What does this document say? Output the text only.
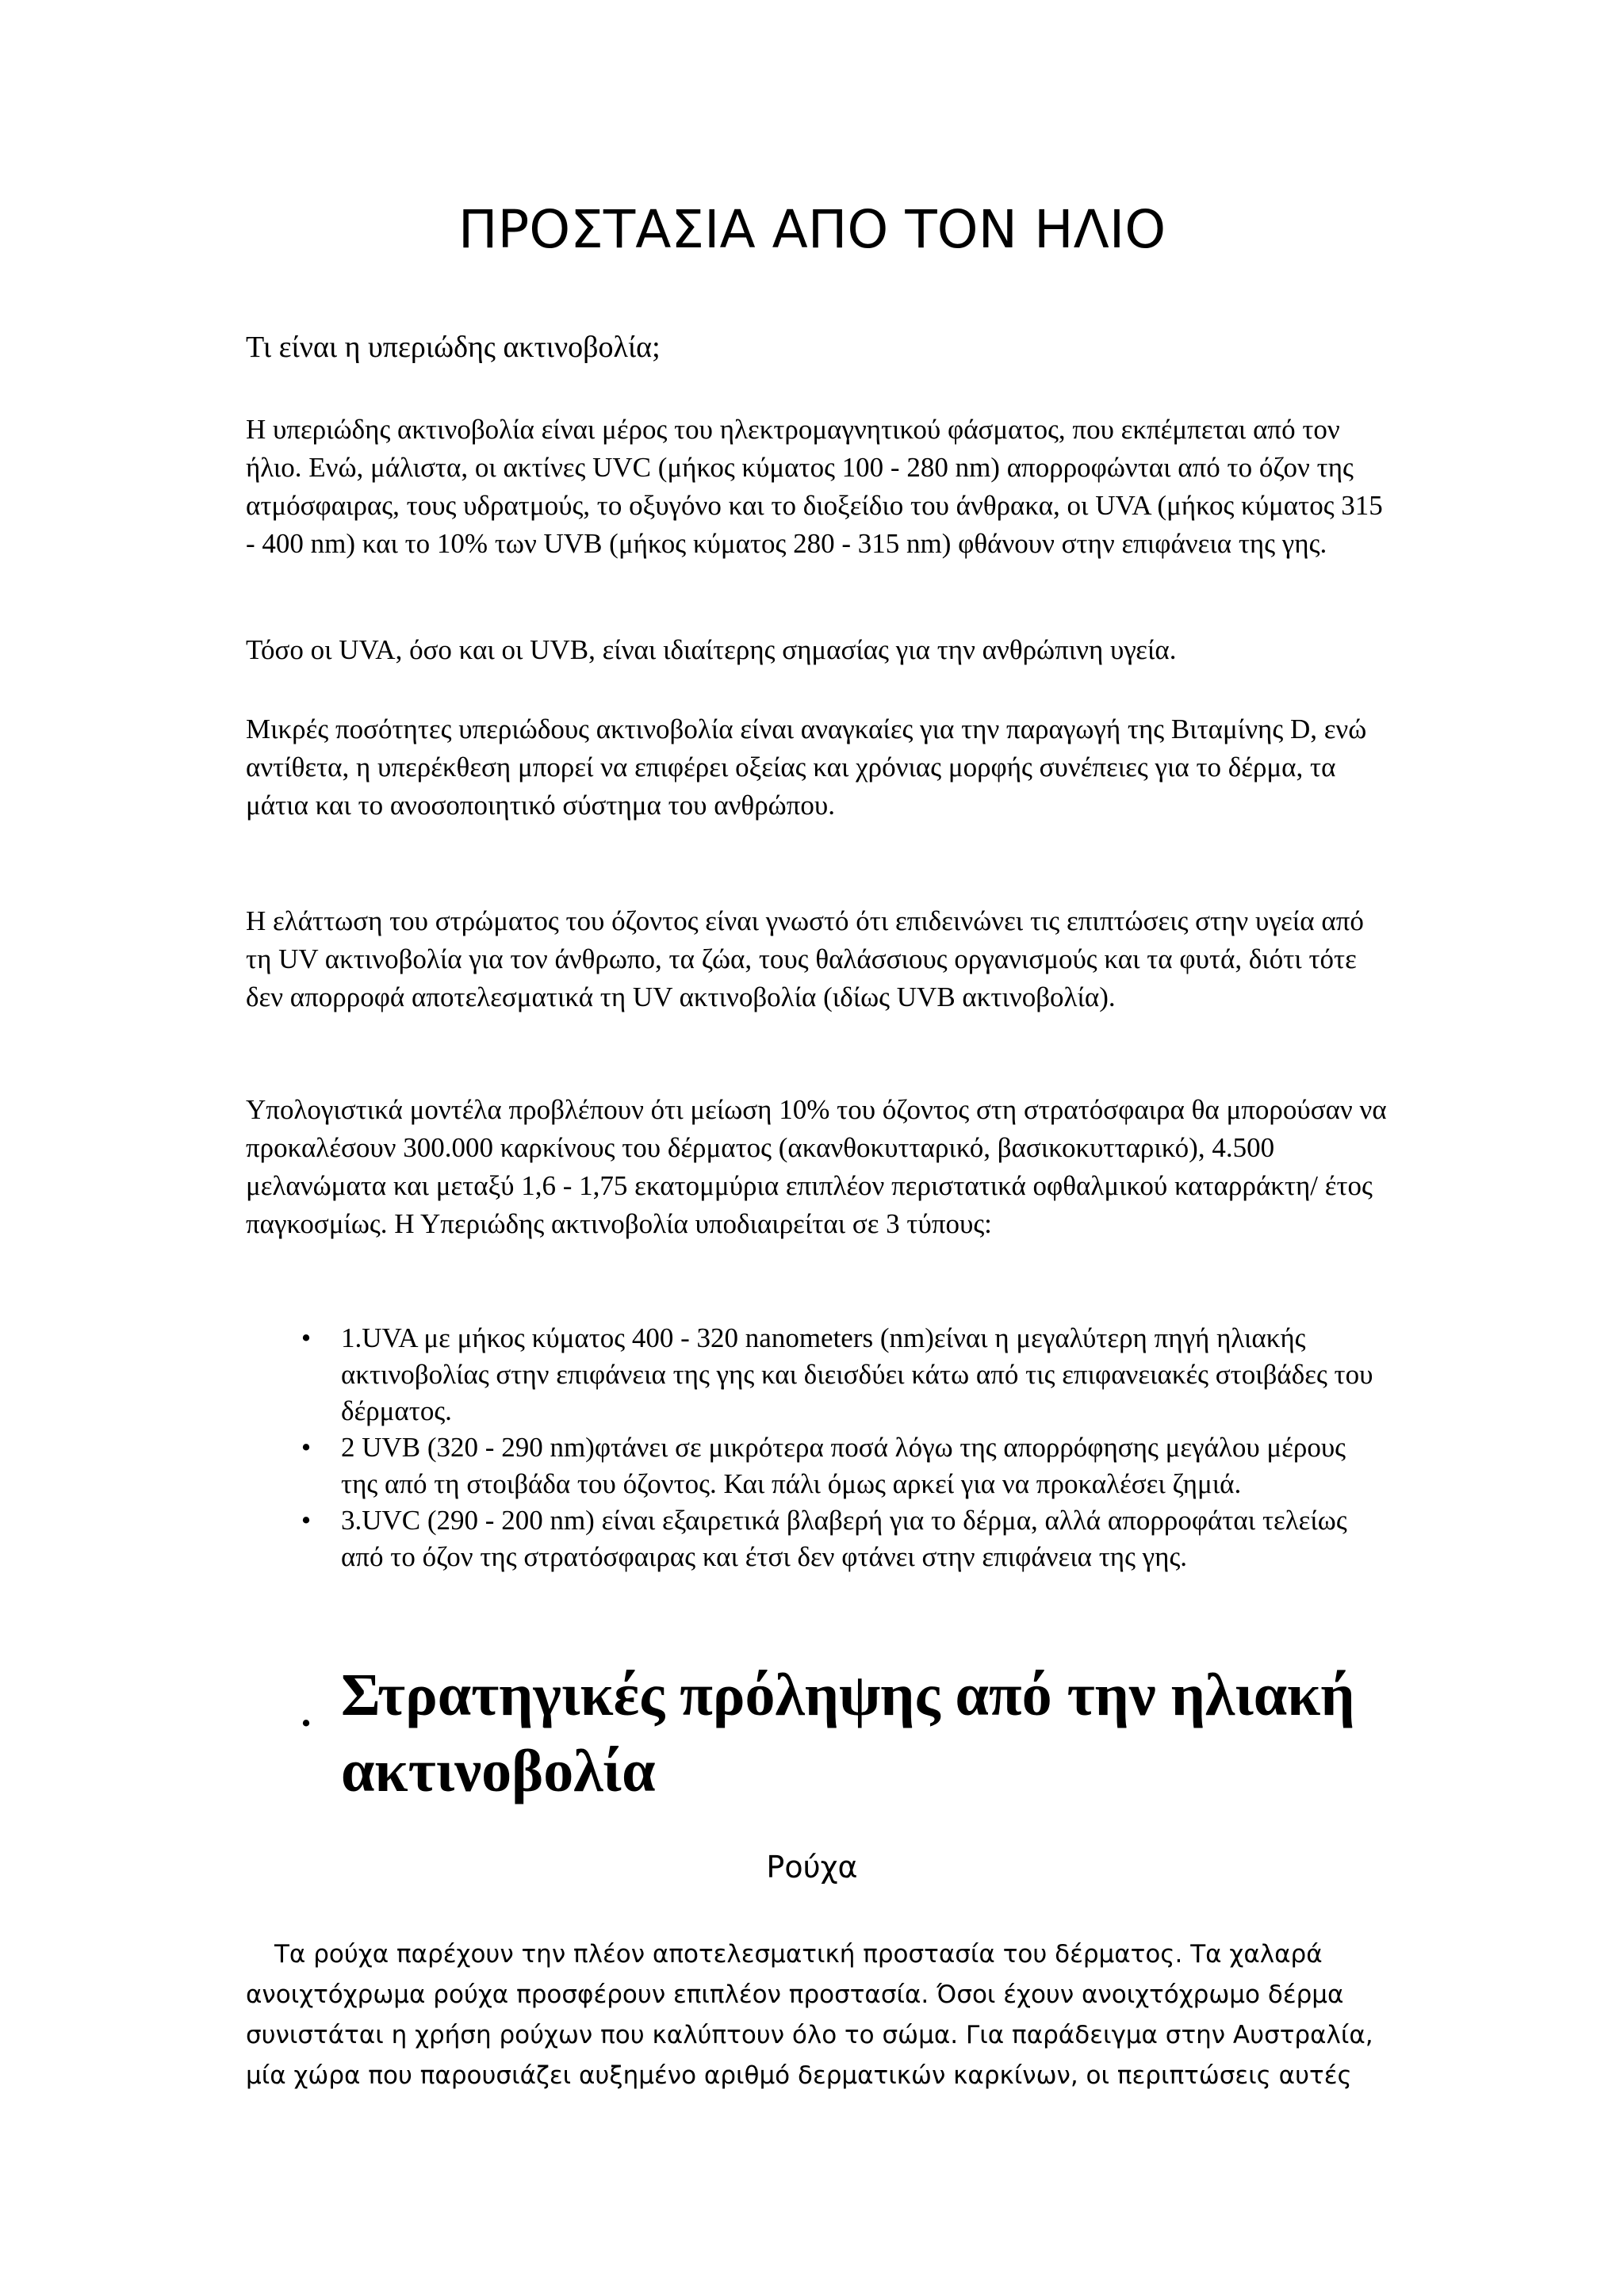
ΠΡΟΣΤΑΣΙΑ ΑΠΟ ΤΟΝ ΗΛΙΟ

Τι είναι η υπεριώδης ακτινοβολία;

Η υπεριώδης ακτινοβολία είναι μέρος του ηλεκτρομαγνητικού φάσματος, που εκπέμπεται από τον ήλιο. Ενώ, μάλιστα, οι ακτίνες UVC (μήκος κύματος 100 - 280 nm) απορροφώνται από το όζον της ατμόσφαιρας, τους υδρατμούς, το οξυγόνο και το διοξείδιο του άνθρακα, οι UVA (μήκος κύματος 315 - 400 nm) και το 10% των UVB (μήκος κύματος 280 - 315 nm) φθάνουν στην επιφάνεια της γης.

Τόσο οι UVA, όσο και οι UVB, είναι ιδιαίτερης σημασίας για την ανθρώπινη υγεία.

Μικρές ποσότητες υπεριώδους ακτινοβολία είναι αναγκαίες για την παραγωγή της Βιταμίνης D, ενώ αντίθετα, η υπερέκθεση μπορεί να επιφέρει οξείας και χρόνιας μορφής συνέπειες για το δέρμα, τα μάτια και το ανοσοποιητικό σύστημα του ανθρώπου.

Η ελάττωση του στρώματος του όζοντος είναι γνωστό ότι επιδεινώνει τις επιπτώσεις στην υγεία από τη UV ακτινοβολία για τον άνθρωπο, τα ζώα, τους θαλάσσιους οργανισμούς και τα φυτά, διότι τότε δεν απορροφά αποτελεσματικά τη UV ακτινοβολία (ιδίως UVB ακτινοβολία).

Υπολογιστικά μοντέλα προβλέπουν ότι μείωση 10% του όζοντος στη στρατόσφαιρα θα μπορούσαν να προκαλέσουν 300.000 καρκίνους του δέρματος (ακανθοκυτταρικό, βασικοκυτταρικό), 4.500 μελανώματα και μεταξύ 1,6 - 1,75 εκατομμύρια επιπλέον περιστατικά οφθαλμικού καταρράκτη/ έτος παγκοσμίως. Η Υπεριώδης ακτινοβολία υποδιαιρείται σε 3 τύπους:

• 1.UVA με μήκος κύματος 400 - 320 nanometers (nm)είναι η μεγαλύτερη πηγή ηλιακής ακτινοβολίας στην επιφάνεια της γης και διεισδύει κάτω από τις επιφανειακές στοιβάδες του δέρματος.
• 2 UVB (320 - 290 nm)φτάνει σε μικρότερα ποσά λόγω της απορρόφησης μεγάλου μέρους της από τη στοιβάδα του όζοντος. Και πάλι όμως αρκεί για να προκαλέσει ζημιά.
• 3.UVC (290 - 200 nm) είναι εξαιρετικά βλαβερή για το δέρμα, αλλά απορροφάται τελείως από το όζον της στρατόσφαιρας και έτσι δεν φτάνει στην επιφάνεια της γης.
• Στρατηγικές πρόληψης από την ηλιακή ακτινοβολία

Ρούχα

Τα ρούχα παρέχουν την πλέον αποτελεσματική προστασία του δέρματος. Τα χαλαρά ανοιχτόχρωμα ρούχα προσφέρουν επιπλέον προστασία. Όσοι έχουν ανοιχτόχρωμο δέρμα συνιστάται η χρήση ρούχων που καλύπτουν όλο το σώμα. Για παράδειγμα στην Αυστραλία, μία χώρα που παρουσιάζει αυξημένο αριθμό δερματικών καρκίνων, οι περιπτώσεις αυτές
